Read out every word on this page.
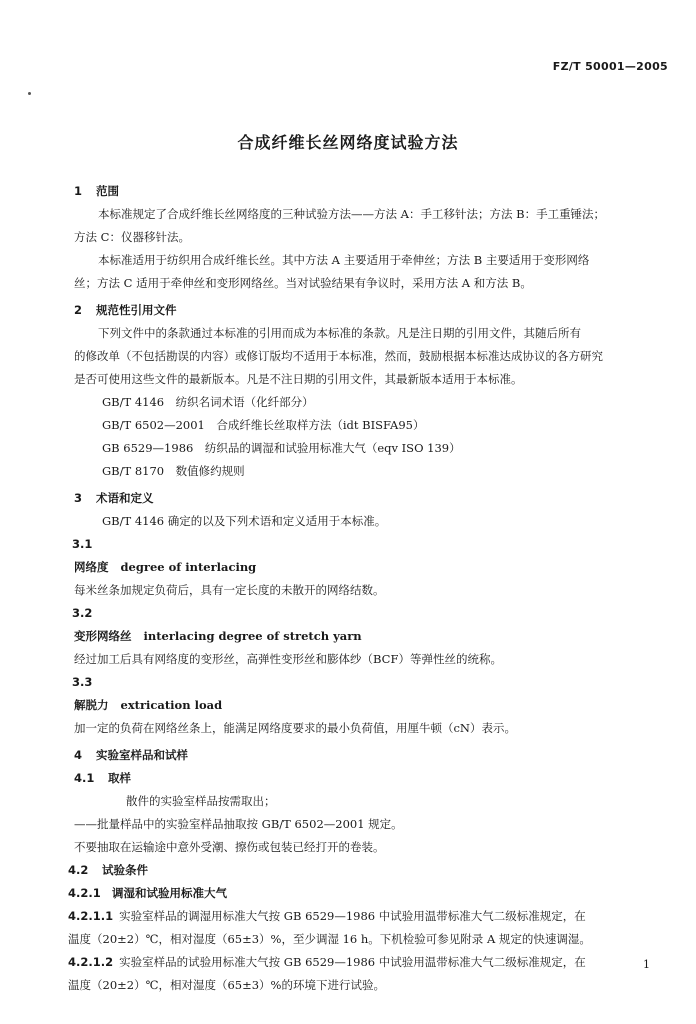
FZ/T 50001—2005
合成纤维长丝网络度试验方法
1 范围
本标准规定了合成纤维长丝网络度的三种试验方法——方法 A：手工移针法；方法 B：手工重锤法；
方法 C：仪器移针法。
本标准适用于纺织用合成纤维长丝。其中方法 A 主要适用于牵伸丝；方法 B 主要适用于变形网络
丝；方法 C 适用于牵伸丝和变形网络丝。当对试验结果有争议时，采用方法 A 和方法 B。
2 规范性引用文件
下列文件中的条款通过本标准的引用而成为本标准的条款。凡是注日期的引用文件，其随后所有
的修改单（不包括勘误的内容）或修订版均不适用于本标准，然而，鼓励根据本标准达成协议的各方研究
是否可使用这些文件的最新版本。凡是不注日期的引用文件，其最新版本适用于本标准。
GB/T 4146　纺织名词术语（化纤部分）
GB/T 6502—2001　合成纤维长丝取样方法（idt BISFA95）
GB 6529—1986　纺织品的调湿和试验用标准大气（eqv ISO 139）
GB/T 8170　数值修约规则
3 术语和定义
GB/T 4146 确定的以及下列术语和定义适用于本标准。
3.1
网络度 degree of interlacing
每米丝条加规定负荷后，具有一定长度的未散开的网络结数。
3.2
变形网络丝 interlacing degree of stretch yarn
经过加工后具有网络度的变形丝，高弹性变形丝和膨体纱（BCF）等弹性丝的统称。
3.3
解脱力 extrication load
加一定的负荷在网络丝条上，能满足网络度要求的最小负荷值，用厘牛顿（cN）表示。
4 实验室样品和试样
4.1 取样
散件的实验室样品按需取出；
——批量样品中的实验室样品抽取按 GB/T 6502—2001 规定。
不要抽取在运输途中意外受潮、擦伤或包装已经打开的卷装。
4.2 试验条件
4.2.1 调湿和试验用标准大气
4.2.1.1 实验室样品的调湿用标准大气按 GB 6529—1986 中试验用温带标准大气二级标准规定，在
温度（20±2）℃，相对湿度（65±3）%，至少调湿 16 h。下机检验可参见附录 A 规定的快速调湿。
4.2.1.2 实验室样品的试验用标准大气按 GB 6529—1986 中试验用温带标准大气二级标准规定，在
温度（20±2）℃，相对湿度（65±3）%的环境下进行试验。
1
